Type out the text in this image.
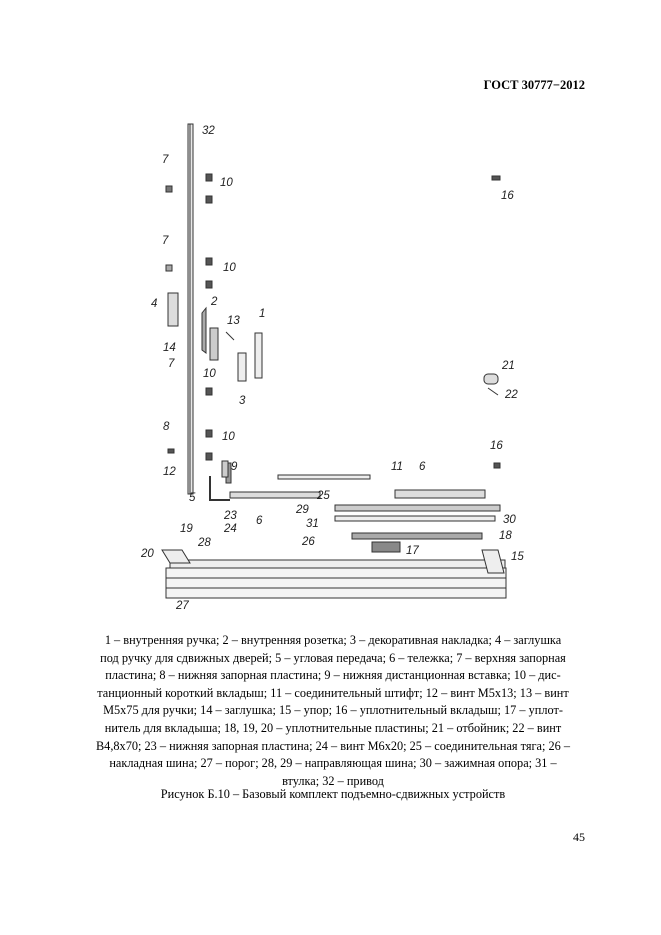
ГОСТ 30777−2012
32
7
10
16
7
10
4	2
13
1
14
7
10
3
21
22
8
10
16
12	9	11 6
5	25
29
31
23	30
24
6
18
19
28	26
17
20	15
27
1 – внутренняя ручка; 2 – внутренняя розетка; 3 – декоративная накладка; 4 – заглушка
под ручку для сдвижных дверей; 5 – угловая передача; 6 – тележка; 7 – верхняя запорная
пластина; 8 – нижняя запорная пластина; 9 – нижняя дистанционная вставка; 10 – дис-
танционный короткий вкладыш; 11 – соединительный штифт; 12 – винт М5х13; 13 – винт
М5х75 для ручки; 14 – заглушка; 15 – упор; 16 – уплотнительный вкладыш; 17 – уплот-
нитель для вкладыша; 18, 19, 20 – уплотнительные пластины; 21 – отбойник; 22 – винт
В4,8х70; 23 – нижняя запорная пластина; 24 – винт М6х20; 25 – соединительная тяга; 26 –
накладная шина; 27 – порог; 28, 29 – направляющая шина; 30 – зажимная опора; 31 –
втулка; 32 – привод
Рисунок Б.10 – Базовый комплект подъемно-сдвижных устройств
45
